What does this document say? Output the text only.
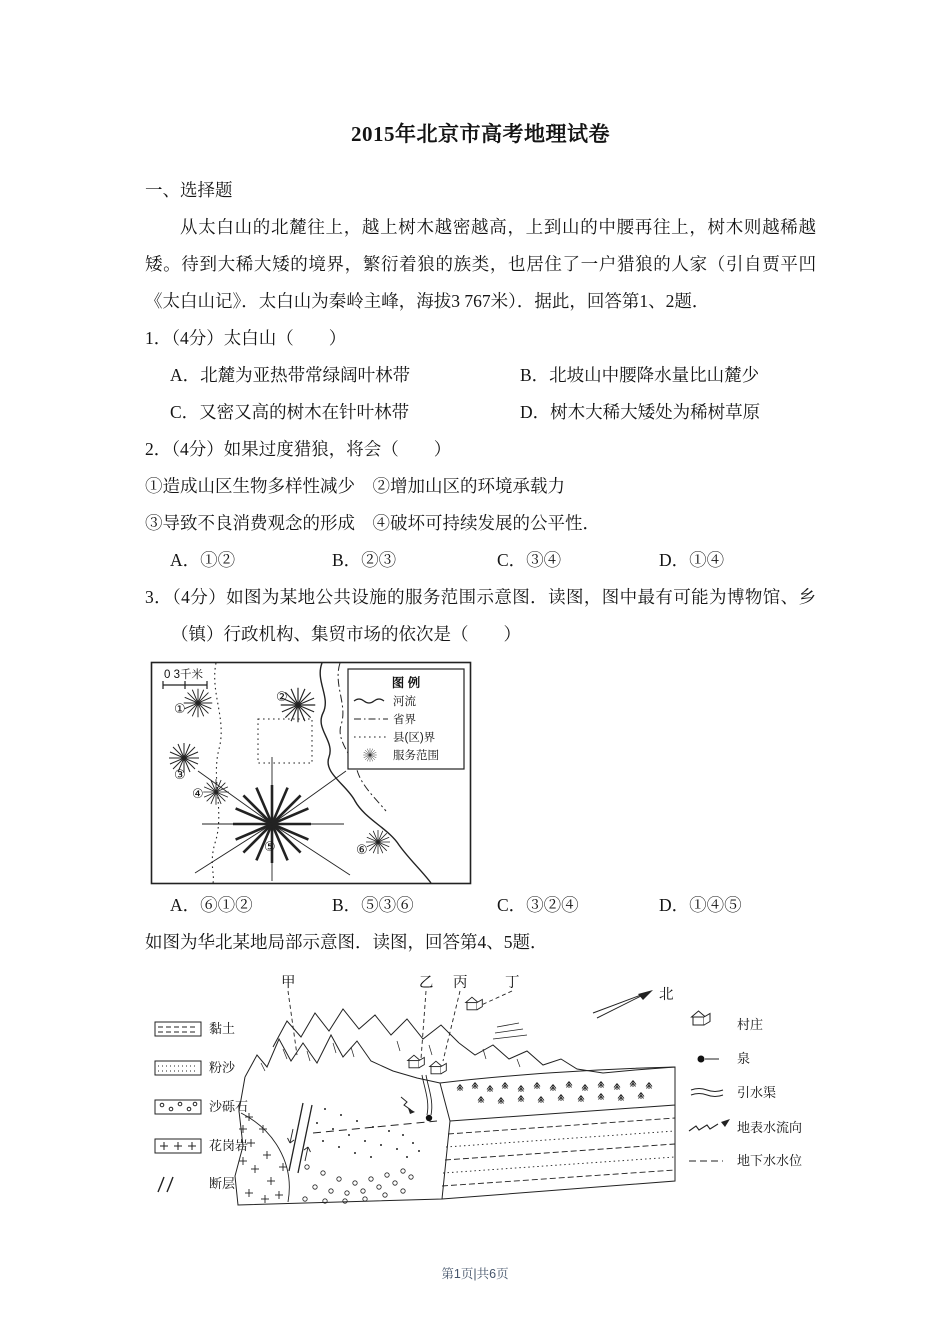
2015年北京市高考地理试卷
一、选择题
从太白山的北麓往上，越上树木越密越高，上到山的中腰再往上，树木则越稀越矮。待到大稀大矮的境界，繁衍着狼的族类，也居住了一户猎狼的人家（引自贾平凹《太白山记》．太白山为秦岭主峰，海拔3 767米）．据此，回答第1、2题．
1．（4分）太白山（　　）
A．北麓为亚热带常绿阔叶林带	B．北坡山中腰降水量比山麓少
C．又密又高的树木在针叶林带	D．树木大稀大矮处为稀树草原
2．（4分）如果过度猎狼，将会（　　）
①造成山区生物多样性减少　②增加山区的环境承载力
③导致不良消费观念的形成　④破坏可持续发展的公平性．
A．①②	B．②③	C．③④	D．①④
3．（4分）如图为某地公共设施的服务范围示意图．读图，图中最有可能为博物馆、乡（镇）行政机构、集贸市场的依次是（　　）
0 3千米
图 例
河流
省界
县(区)界
服务范围
①
②
③
④
⑤	⑥
A．⑥①②	B．⑤③⑥	C．③②④	D．①④⑤
如图为华北某地局部示意图．读图，回答第4、5题．
甲	乙 丙	丁
北
黏土
粉沙
沙砾石
花岗岩
断层
村庄
泉
引水渠
地表水流向
地下水水位
第1页|共6页
